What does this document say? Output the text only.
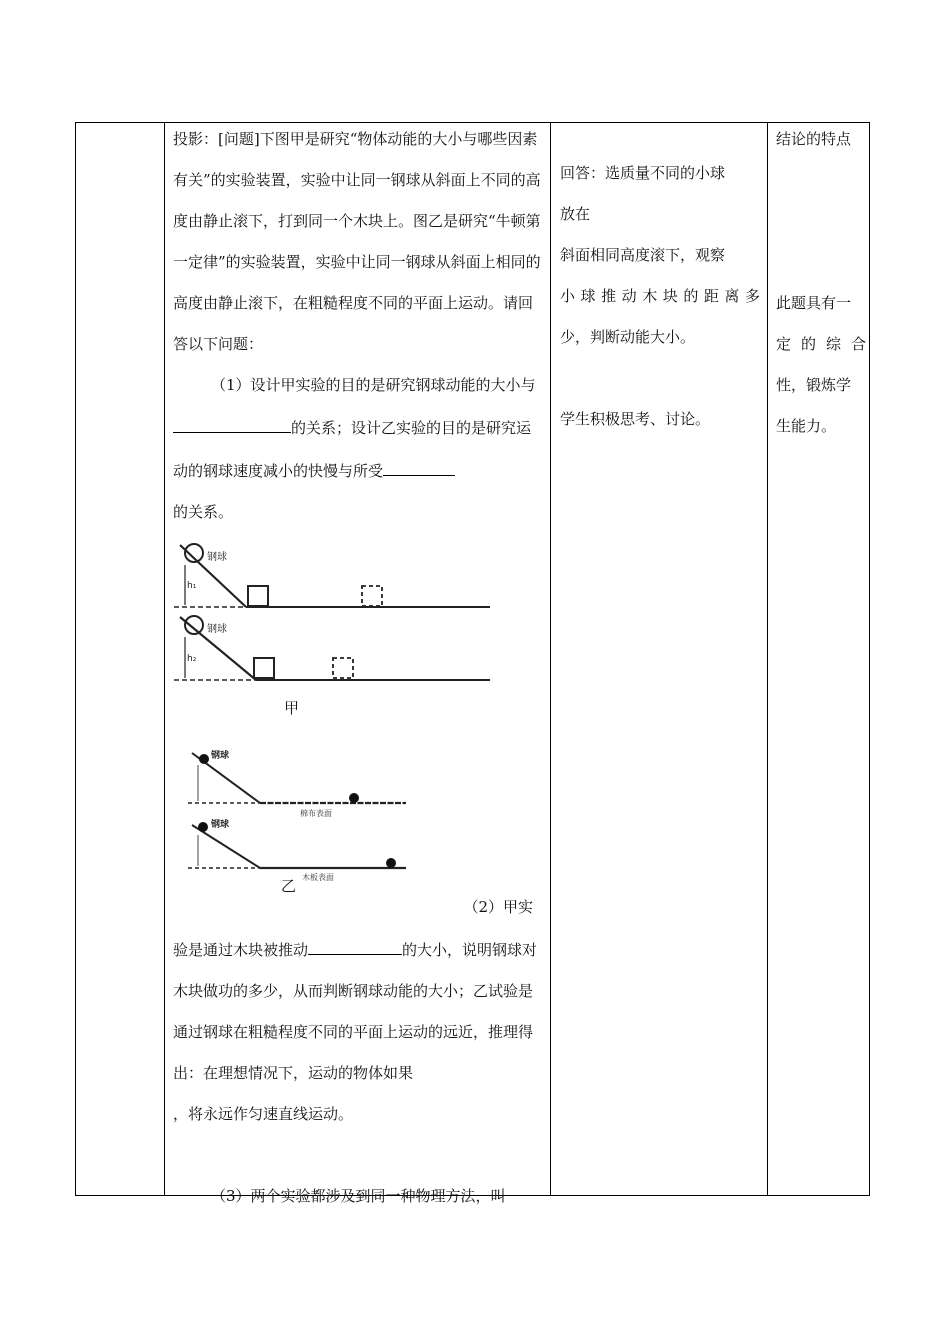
投影：[问题]下图甲是研究“物体动能的大小与哪些因素有关”的实验装置，实验中让同一钢球从斜面上不同的高度由静止滚下，打到同一个木块上。图乙是研究“牛顿第一定律”的实验装置，实验中让同一钢球从斜面上相同的高度由静止滚下，在粗糙程度不同的平面上运动。请回答以下问题：

（1）设计甲实验的目的是研究钢球动能的大小与的关系；设计乙实验的目的是研究运动的钢球速度减小的快慢与所受

的关系。

钢球
h₁
钢球
h₂
甲
钢球
棉布表面
钢球
木板表面
乙

（2）甲实

验是通过木块被推动	的大小，说明钢球对木块做功的多少，从而判断钢球动能的大小；乙试验是通过钢球在粗糙程度不同的平面上运动的远近，推理得出：在理想情况下，运动的物体如果

，将永远作匀速直线运动。

（3）两个实验都涉及到同一种物理方法，叫

回答：选质量不同的小球

放在

斜面相同高度滚下，观察

小球推动木块的距离多

少，判断动能大小。

学生积极思考、讨论。

结论的特点

此题具有一

定的综合

性，锻炼学

生能力。
